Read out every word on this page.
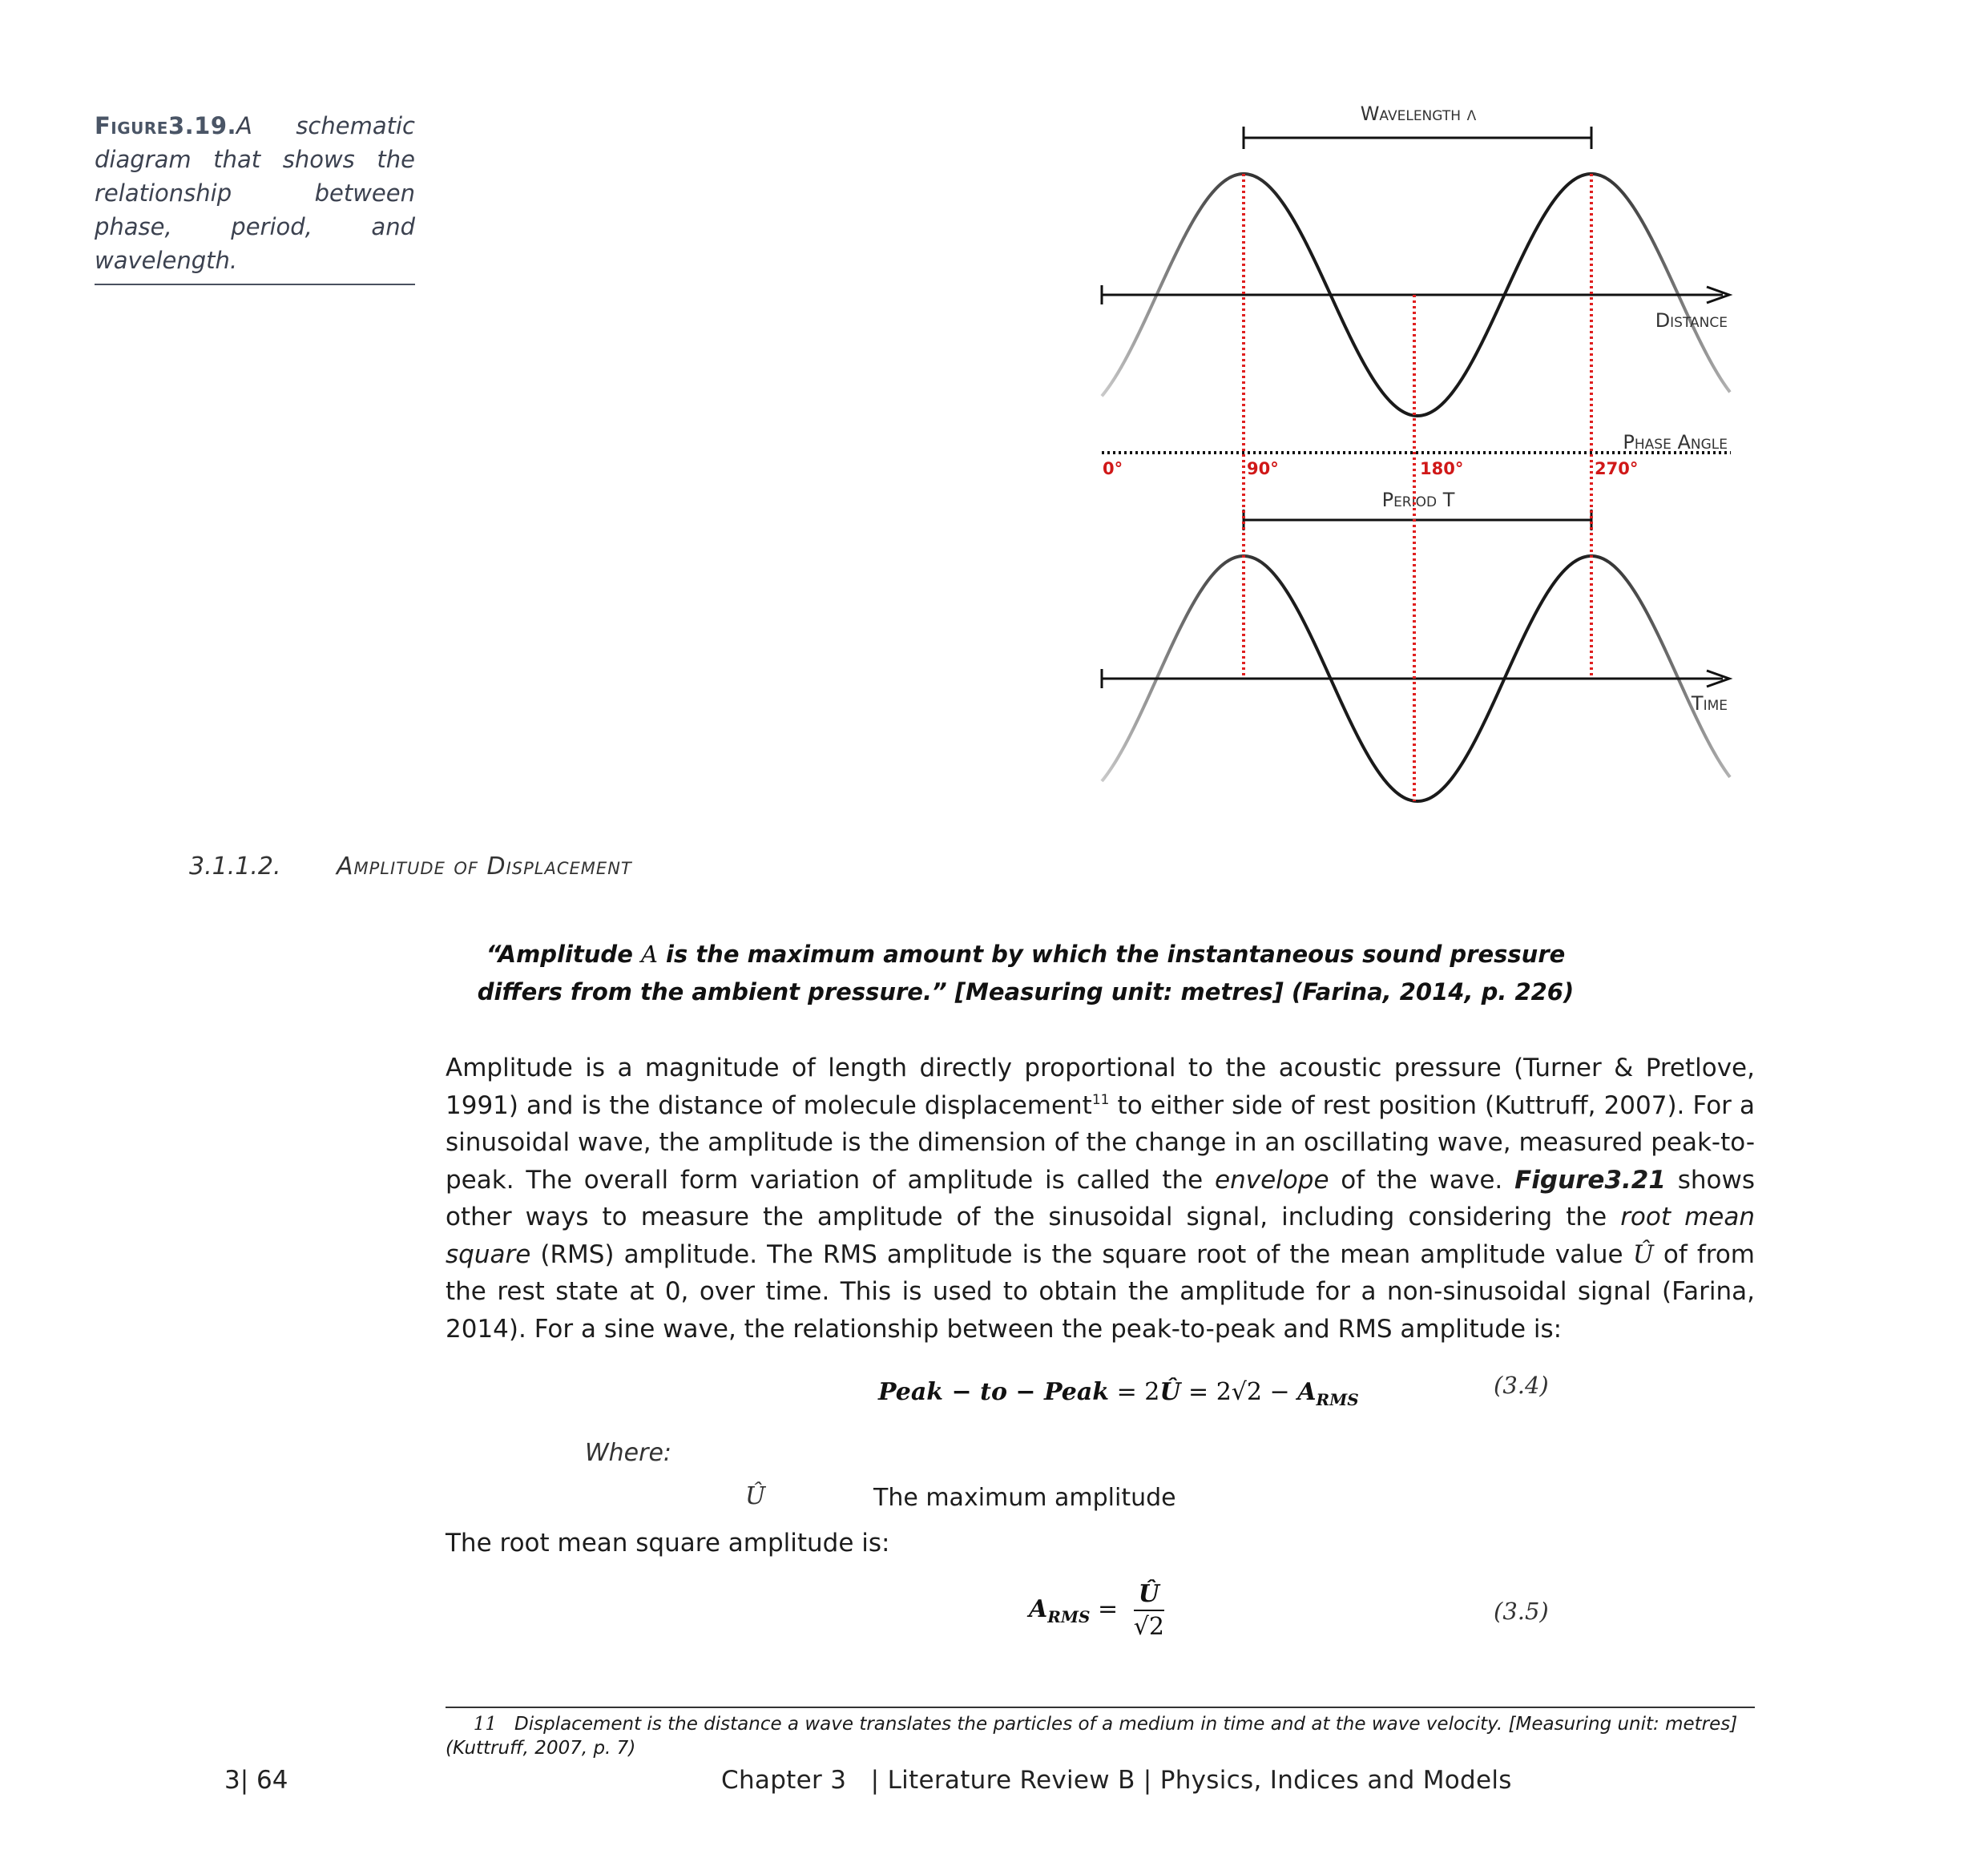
Figure3.19.A schematic diagram that shows the relationship between phase, period, and wavelength.
Wavelength λ
Distance
Phase Angle
0°	90°	180°	270°
Period T
Time
3.1.1.2. Amplitude of Displacement
“Amplitude A is the maximum amount by which the instantaneous sound pressure differs from the ambient pressure.” [Measuring unit: metres] (Farina, 2014, p. 226)
Amplitude is a magnitude of length directly proportional to the acoustic pressure (Turner & Pretlove, 1991) and is the distance of molecule displacement$^{11}$ to either side of rest position (Kuttruff, 2007). For a sinusoidal wave, the amplitude is the dimension of the change in an oscillating wave, measured peak-to-peak. The overall form variation of amplitude is called the envelope of the wave. Figure3.21 shows other ways to measure the amplitude of the sinusoidal signal, including considering the root mean square (RMS) amplitude. The RMS amplitude is the square root of the mean amplitude value Û of from the rest state at 0, over time. This is used to obtain the amplitude for a non-sinusoidal signal (Farina, 2014). For a sine wave, the relationship between the peak-to-peak and RMS amplitude is:
Peak − to − Peak = 2Û = $2√2 - A_{RMS}$
(3.4)
Where:
Û	The maximum amplitude
The root mean square amplitude is:
$A_{RMS} = \frac{Û}{√2}$	(3.5)
11 Displacement is the distance a wave translates the particles of a medium in time and at the wave velocity. [Measuring unit: metres] (Kuttruff, 2007, p. 7)
3| 64	Chapter 3   | Literature Review B | Physics, Indices and Models
